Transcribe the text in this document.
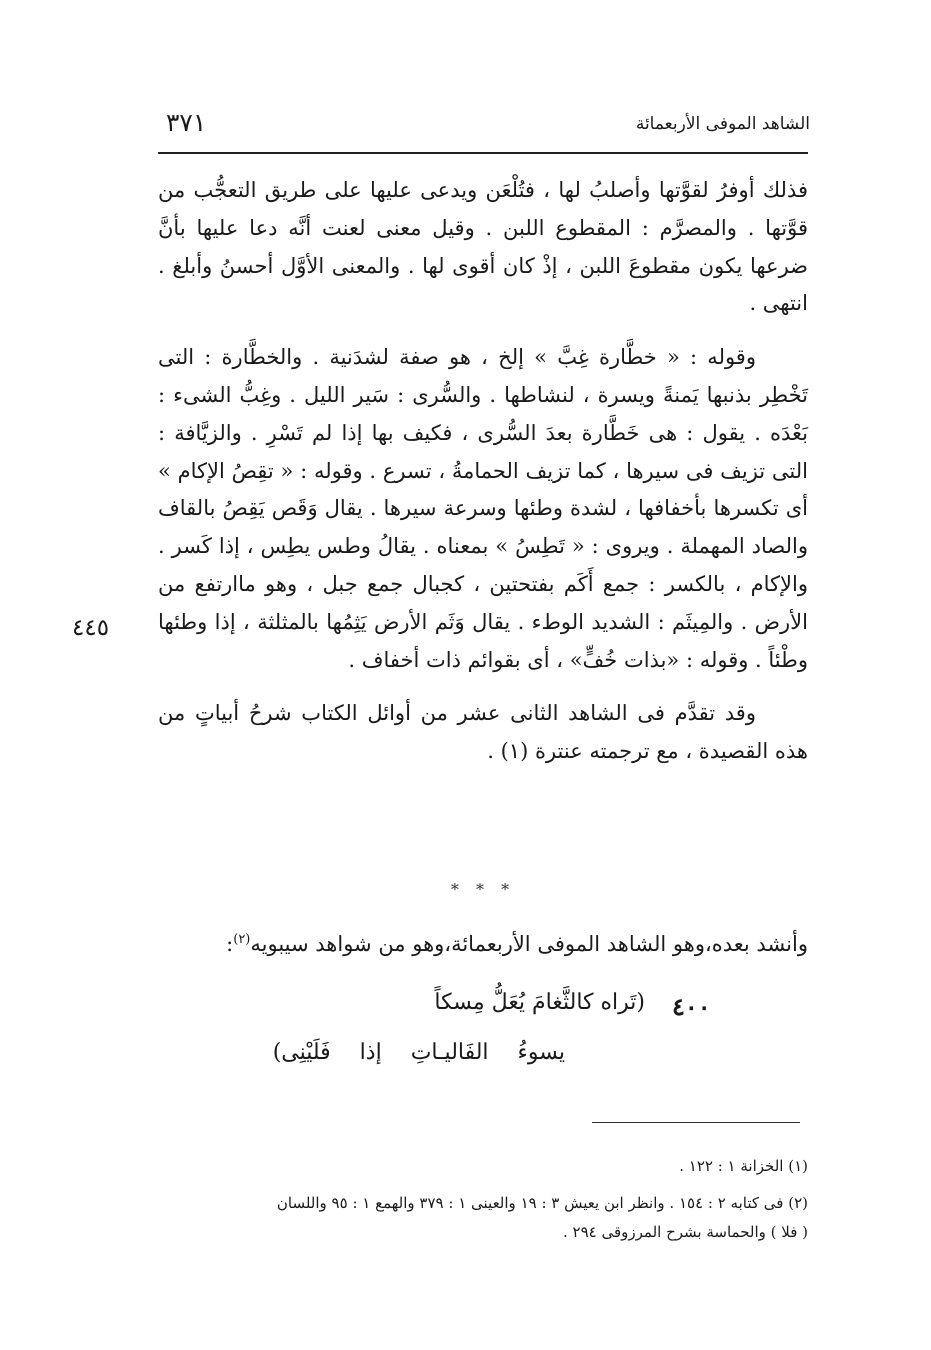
الشاهد الموفى الأربعمائة
٣٧١

فذلك أوفرُ لقوَّتها وأصلبُ لها ، فتُلْعَن ويدعى عليها على طريق التعجُّب من قوَّتها . والمصرَّم : المقطوع اللبن . وقيل معنى لعنت أنَّه دعا عليها بأنَّ ضرعها يكون مقطوعَ اللبن ، إذْ كان أقوى لها . والمعنى الأوَّل أحسنُ وأبلغ . انتهى .

وقوله : « خطَّارة غِبَّ » إلخ ، هو صفة لشدَنية . والخطَّارة : التى تَخْطِر بذنبها يَمنةً ويسرة ، لنشاطها . والسُّرى : سَير الليل . وغِبُّ الشىء : بَعْدَه . يقول : هى خَطَّارة بعدَ السُّرى ، فكيف بها إذا لم تَسْرِ . والزيَّافة : التى تزيف فى سيرها ، كما تزيف الحمامةُ ، تسرع . وقوله : « تقِصُ الإكام » أى تكسرها بأخفافها ، لشدة وطئها وسرعة سيرها . يقال وَقَص يَقِصُ بالقاف والصاد المهملة . ويروى : « تَطِسُ » بمعناه . يقالُ وطس يطِس ، إذا كَسر . والإكام ، بالكسر : جمع أَكَم بفتحتين ، كجبال جمع جبل ، وهو ماارتفع من الأرض . والمِيثَم : الشديد الوطء . يقال وَثَم الأرض يَثِمُها بالمثلثة ، إذا وطئها وطْئاً . وقوله : «بذات خُفٍّ» ، أى بقوائم ذات أخفاف .

وقد تقدَّم فى الشاهد الثانى عشر من أوائل الكتاب شرحُ أبياتٍ من هذه القصيدة ، مع ترجمته عنترة (١) .

٤٤٥
* * *
وأنشد بعده،وهو الشاهد الموفى الأربعمائة،وهو من شواهد سيبويه$^{(٢)}$:
٤٠٠
(تَراه كالثَّغامَ يُعَلُّ مِسكاً
يسوءُ الفَاليـاتِ إذا فَلَيْنِى)

(١) الخزانة ١ : ١٢٢ .

(٢) فى كتابه ٢ : ١٥٤ . وانظر ابن يعيش ٣ : ١٩ والعينى ١ : ٣٧٩ والهمع ١ : ٩٥ واللسان

( فلا ) والحماسة بشرح المرزوقى ٢٩٤ .
